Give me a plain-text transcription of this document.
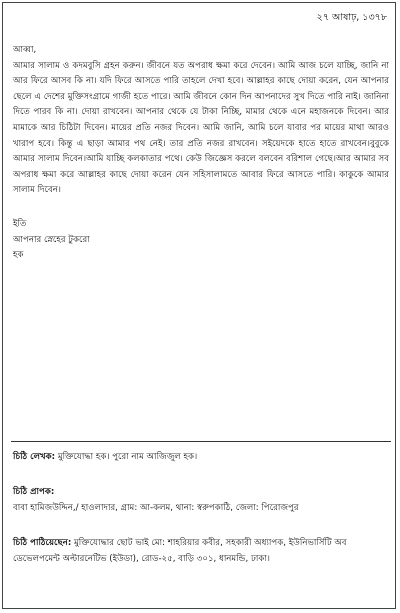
২৭ আষাঢ়, ১৩৭৮

আব্বা,

আমার সালাম ও কদমবুসি গ্রহন করুন। জীবনে যত অপরাধ ক্ষমা করে দেবেন। আমি আজ চলে যাচ্ছি, জানি না আর ফিরে আসব কি না। যদি ফিরে আসতে পারি তাহলে দেখা হবে। আল্লাহর কাছে দোয়া করেন, যেন আপনার ছেলে এ দেশের মুক্তিসংগ্রামে গাজী হতে পারে। আমি জীবনে কোন দিন আপনাদের সুখ দিতে পারি নাই। জানিনা দিতে পারব কি না। দোয়া রাখবেন। আপনার থেকে যে টাকা নিচ্ছি, মামার থেকে এনে মহাজনকে দিবেন। আর মামাকে আর চিঠিটা দিবেন। মায়ের প্রতি নজর দিবেন। আমি জানি, আমি চলে যাবার পর মায়ের মাথা আরও খারাপ হবে। কিন্তু এ ছাড়া আমার পথ নেই। তার প্রতি নজর রাখবেন। সইয়েদকে হাতে হাতে রাখবেন।বুবুকে আমার সালাম দিবেন।আমি যাচ্ছি কলকাতার পথে। কেউ জিজ্ঞেস করলে বলবেন বরিশাল গেছে।আর আমার সব অপরাধ ক্ষমা করে আল্লাহর কাছে দোয়া করেন যেন সহিসালামতে আবার ফিরে আসতে পারি। কাকুকে আমার সালাম দিবেন।

ইতি

আপনার স্নেহের টুকরো

হক

চিঠি লেখক: মুক্তিযোদ্ধা হক। পুরো নাম আজিজুল হক।
চিঠি প্রাপক:
বাবা হামিজউদ্দিন,/ হাওলাদার, গ্রাম: আ-কলম, থানা: স্বরুপকাঠি, জেলা: পিরোজপুর
চিঠি পাঠিয়েছেন: মুক্তিযোদ্ধার ছোট ভাই মো: শাহরিয়ার কবীর, সহকারী অধ্যাপক, ইউনিভার্সিটি অব ডেভেলপমেন্ট অল্টারনেটিভ (ইউডা), রোড-২৫, বাড়ি ৩০১, ধানমন্ডি, ঢাকা।
